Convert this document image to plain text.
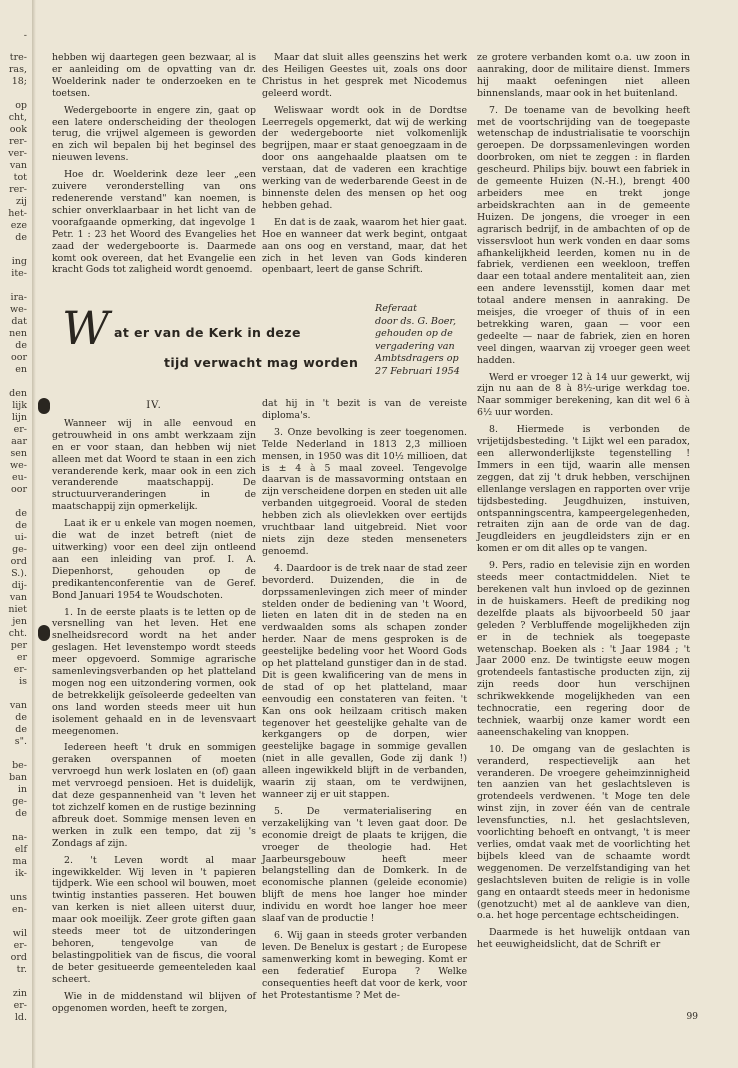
-
tre-
ras,
18;
op
cht,
ook
rer-
ver-
van
tot
rer-
zij
het-
eze
de
ing
ite-
ira-
we-
dat
nen
de
oor
en
den
lijk
lijn
er-
aar
sen
we-
eu-
oor
de
de
ui-
ge-
ord
S.).
dij-
van
niet
jen
cht.
per
er
er-
is
van
de
de
s".
be-
ban
in
ge-
de
na-
elf
ma
ik-
uns
en-
wil
er-
ord
tr.
zin
er-
ld.

hebben wij daartegen geen bezwaar, al is er aanleiding om de opvatting van dr. Woelderink nader te onderzoeken en te toetsen.

Wedergeboorte in engere zin, gaat op een latere onderscheiding der theologen terug, die vrijwel algemeen is geworden en zich wil bepalen bij het beginsel des nieuwen levens.

Hoe dr. Woelderink deze leer „een zuivere veronderstelling van ons redenerende verstand" kan noemen, is schier onverklaarbaar in het licht van de voorafgaande opmerking, dat ingevolge 1 Petr. 1 : 23 het Woord des Evangelies het zaad der wedergeboorte is. Daarmede komt ook overeen, dat het Evangelie een kracht Gods tot zaligheid wordt genoemd.

Maar dat sluit alles geenszins het werk des Heiligen Geestes uit, zoals ons door Christus in het gesprek met Nicodemus geleerd wordt.

Weliswaar wordt ook in de Dordtse Leerregels opgemerkt, dat wij de werking der wedergeboorte niet volkomenlijk begrijpen, maar er staat genoegzaam in de door ons aangehaalde plaatsen om te verstaan, dat de vaderen een krachtige werking van de wederbarende Geest in de binnenste delen des mensen op het oog hebben gehad.

En dat is de zaak, waarom het hier gaat. Hoe en wanneer dat werk begint, ontgaat aan ons oog en verstand, maar, dat het zich in het leven van Gods kinderen openbaart, leert de ganse Schrift.

W at er van de Kerk in deze
tijd verwacht mag worden
Referaat
door ds. G. Boer,
gehouden op de
vergadering van
Ambtsdragers op
27 Februari 1954
IV.

Wanneer wij in alle eenvoud en getrouwheid in ons ambt werkzaam zijn en er voor staan, dan hebben wij niet alleen met dat Woord te staan in een zich veranderende kerk, maar ook in een zich veranderende maatschappij. De structuurveranderingen in de maatschappij zijn opmerkelijk.

Laat ik er u enkele van mogen noemen, die wat de inzet betreft (niet de uitwerking) voor een deel zijn ontleend aan een inleiding van prof. I. A. Diepenhorst, gehouden op de predikantenconferentie van de Geref. Bond Januari 1954 te Woudschoten.

1. In de eerste plaats is te letten op de versnelling van het leven. Het ene snelheidsrecord wordt na het ander geslagen. Het levenstempo wordt steeds meer opgevoerd. Sommige agrarische samenlevingsverbanden op het platteland mogen nog een uitzondering vormen, ook de betrekkelijk geïsoleerde gedeelten van ons land worden steeds meer uit hun isolement gehaald en in de levensvaart meegenomen.

Iedereen heeft 't druk en sommigen geraken overspannen of moeten vervroegd hun werk loslaten en (of) gaan met vervroegd pensioen. Het is duidelijk, dat deze gespannenheid van 't leven het tot zichzelf komen en de rustige bezinning afbreuk doet. Sommige mensen leven en werken in zulk een tempo, dat zij 's Zondags af zijn.

2. 't Leven wordt al maar ingewikkelder. Wij leven in 't papieren tijdperk. Wie een school wil bouwen, moet twintig instanties passeren. Het bouwen van kerken is niet alleen uiterst duur, maar ook moeilijk. Zeer grote giften gaan steeds meer tot de uitzonderingen behoren, tengevolge van de belastingpolitiek van de fiscus, die vooral de beter gesitueerde gemeenteleden kaal scheert.

Wie in de middenstand wil blijven of opgenomen worden, heeft te zorgen,

dat hij in 't bezit is van de vereiste diploma's.

3. Onze bevolking is zeer toegenomen. Telde Nederland in 1813 2,3 millioen mensen, in 1950 was dit 10½ millioen, dat is ± 4 à 5 maal zoveel. Tengevolge daarvan is de massavorming ontstaan en zijn verscheidene dorpen en steden uit alle verbanden uitgegroeid. Vooral de steden hebben zich als olievlekken over eertijds vruchtbaar land uitgebreid. Niet voor niets zijn deze steden menseneters genoemd.

4. Daardoor is de trek naar de stad zeer bevorderd. Duizenden, die in de dorpssamenlevingen zich meer of minder stelden onder de bediening van 't Woord, lieten en laten dit in de steden na en verdwaalden soms als schapen zonder herder. Naar de mens gesproken is de geestelijke bedeling voor het Woord Gods op het platteland gunstiger dan in de stad. Dit is geen kwalificering van de mens in de stad of op het platteland, maar eenvoudig een constateren van feiten. 't Kan ons ook heilzaam critisch maken tegenover het geestelijke gehalte van de kerkgangers op de dorpen, wier geestelijke bagage in sommige gevallen (niet in alle gevallen, Gode zij dank !) alleen ingewikkeld blijft in de verbanden, waarin zij staan, om te verdwijnen, wanneer zij er uit stappen.

5. De vermaterialisering en verzakelijking van 't leven gaat door. De economie dreigt de plaats te krijgen, die vroeger de theologie had. Het Jaarbeursgebouw heeft meer belangstelling dan de Domkerk. In de economische plannen (geleide economie) blijft de mens hoe langer hoe minder individu en wordt hoe langer hoe meer slaaf van de productie !

6. Wij gaan in steeds groter verbanden leven. De Benelux is gestart ; de Europese samenwerking komt in beweging. Komt er een federatief Europa ? Welke consequenties heeft dat voor de kerk, voor het Protestantisme ? Met de-

ze grotere verbanden komt o.a. uw zoon in aanraking, door de militaire dienst. Immers hij maakt oefeningen niet alleen binnenslands, maar ook in het buitenland.

7. De toename van de bevolking heeft met de voortschrijding van de toegepaste wetenschap de industrialisatie te voorschijn geroepen. De dorpssamenlevingen worden doorbroken, om niet te zeggen : in flarden gescheurd. Philips bijv. bouwt een fabriek in de gemeente Huizen (N.-H.), brengt 400 arbeiders mee en trekt jonge arbeidskrachten aan in de gemeente Huizen. De jongens, die vroeger in een agrarisch bedrijf, in de ambachten of op de vissersvloot hun werk vonden en daar soms afhankelijkheid leerden, komen nu in de fabriek, verdienen een weekloon, treffen daar een totaal andere mentaliteit aan, zien een andere levensstijl, komen daar met totaal andere mensen in aanraking. De meisjes, die vroeger of thuis of in een betrekking waren, gaan — voor een gedeelte — naar de fabriek, zien en horen veel dingen, waarvan zij vroeger geen weet hadden.

Werd er vroeger 12 à 14 uur gewerkt, wij zijn nu aan de 8 à 8½-urige werkdag toe. Naar sommiger berekening, kan dit wel 6 à 6½ uur worden.

8. Hiermede is verbonden de vrijetijdsbesteding. 't Lijkt wel een paradox, een allerwonderlijkste tegenstelling ! Immers in een tijd, waarin alle mensen zeggen, dat zij 't druk hebben, verschijnen ellenlange verslagen en rapporten over vrije tijdsbesteding. Jeugdhuizen, instuiven, ontspanningscentra, kampeergelegenheden, retraiten zijn aan de orde van de dag. Jeugdleiders en jeugdleidsters zijn er en komen er om dit alles op te vangen.

9. Pers, radio en televisie zijn en worden steeds meer contactmiddelen. Niet te berekenen valt hun invloed op de gezinnen in de huiskamers. Heeft de prediking nog dezelfde plaats als bijvoorbeeld 50 jaar geleden ? Verbluffende mogelijkheden zijn er in de techniek als toegepaste wetenschap. Boeken als : 't Jaar 1984 ; 't Jaar 2000 enz. De twintigste eeuw mogen grotendeels fantastische producten zijn, zij zijn reeds door hun verschijnen schrikwekkende mogelijkheden van een technocratie, een regering door de techniek, waarbij onze kamer wordt een aaneenschakeling van knoppen.

10. De omgang van de geslachten is veranderd, respectievelijk aan het veranderen. De vroegere geheimzinnigheid ten aanzien van het geslachtsleven is grotendeels verdwenen. 't Moge ten dele winst zijn, in zover één van de centrale levensfuncties, n.l. het geslachtsleven, voorlichting behoeft en ontvangt, 't is meer verlies, omdat vaak met de voorlichting het bijbels kleed van de schaamte wordt weggenomen. De verzelfstandiging van het geslachtsleven buiten de religie is in volle gang en ontaardt steeds meer in hedonisme (genotzucht) met al de aankleve van dien, o.a. het hoge percentage echtscheidingen.

Daarmede is het huwelijk ontdaan van het eeuwigheidslicht, dat de Schrift er

99
